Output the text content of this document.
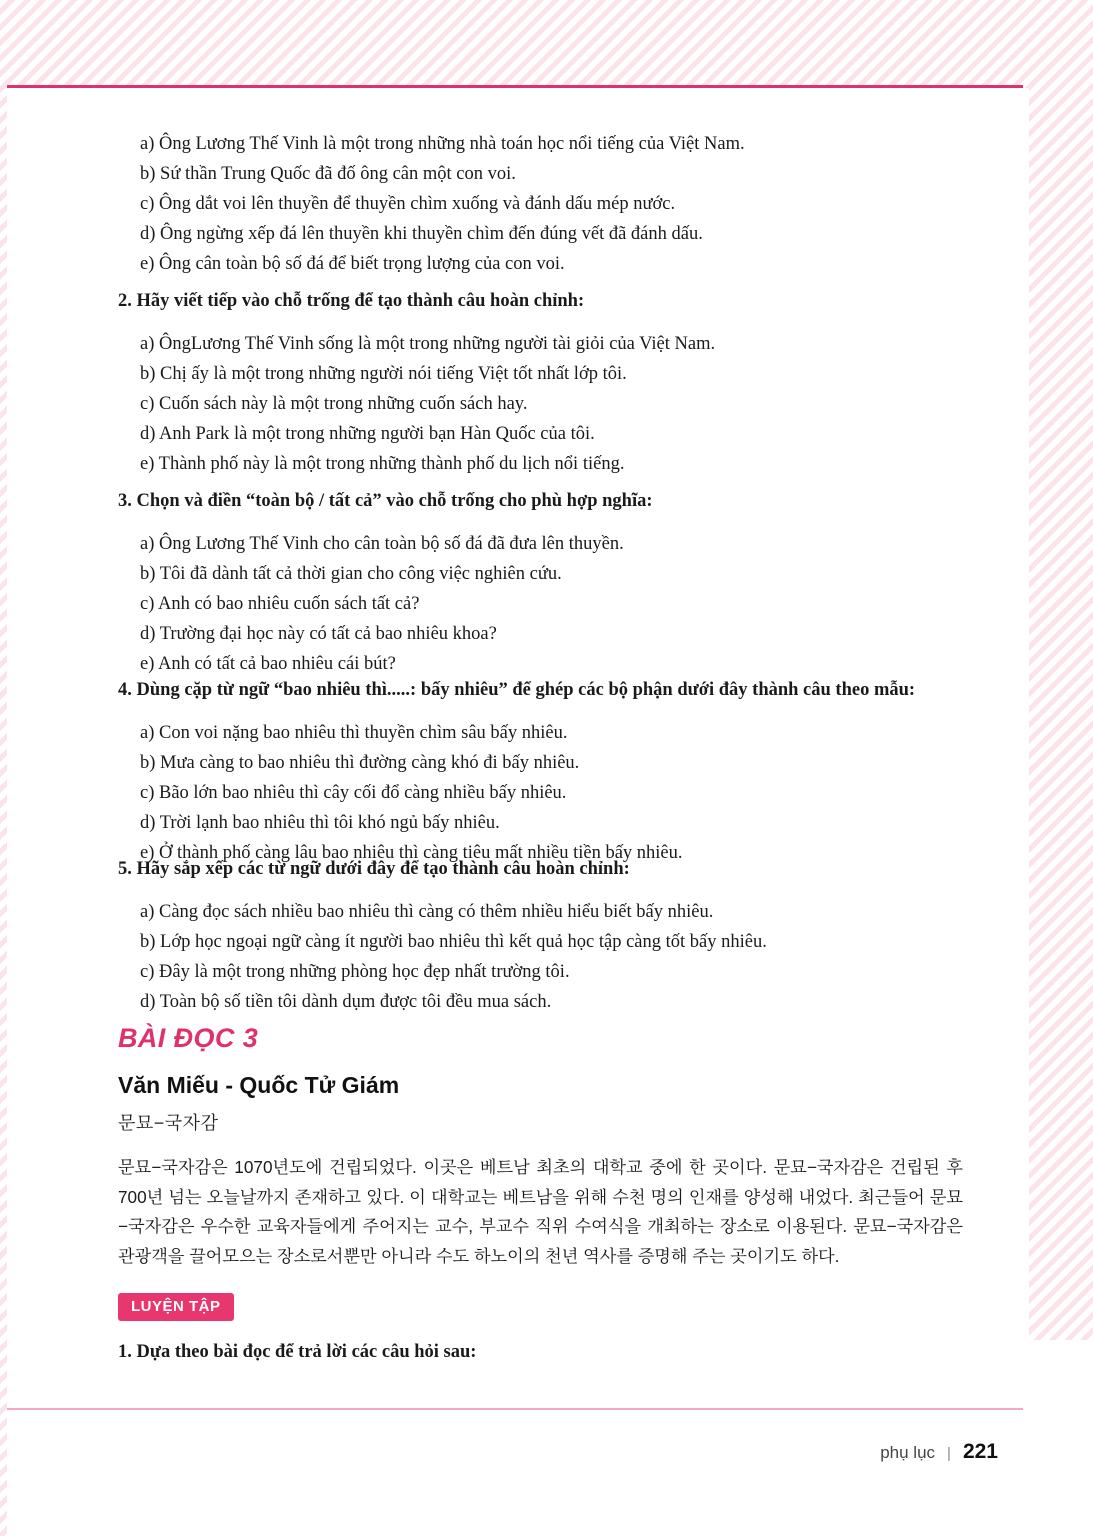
a) Ông Lương Thế Vinh là một trong những nhà toán học nổi tiếng của Việt Nam.
b) Sứ thần Trung Quốc đã đố ông cân một con voi.
c) Ông dắt voi lên thuyền để thuyền chìm xuống và đánh dấu mép nước.
d) Ông ngừng xếp đá lên thuyền khi thuyền chìm đến đúng vết đã đánh dấu.
e) Ông cân toàn bộ số đá để biết trọng lượng của con voi.
2. Hãy viết tiếp vào chỗ trống để tạo thành câu hoàn chỉnh:
a) ÔngLương Thế Vinh sống là một trong những người tài giỏi của Việt Nam.
b) Chị ấy là một trong những người nói tiếng Việt tốt nhất lớp tôi.
c) Cuốn sách này là một trong những cuốn sách hay.
d) Anh Park là một trong những người bạn Hàn Quốc của tôi.
e) Thành phố này là một trong những thành phố du lịch nổi tiếng.
3. Chọn và điền “toàn bộ / tất cả” vào chỗ trống cho phù hợp nghĩa:
a) Ông Lương Thế Vinh cho cân toàn bộ số đá đã đưa lên thuyền.
b) Tôi đã dành tất cả thời gian cho công việc nghiên cứu.
c) Anh có bao nhiêu cuốn sách tất cả?
d) Trường đại học này có tất cả bao nhiêu khoa?
e) Anh có tất cả bao nhiêu cái bút?
4. Dùng cặp từ ngữ “bao nhiêu thì.....: bấy nhiêu” để ghép các bộ phận dưới đây thành câu theo mẫu:
a) Con voi nặng bao nhiêu thì thuyền chìm sâu bấy nhiêu.
b) Mưa càng to bao nhiêu thì đường càng khó đi bấy nhiêu.
c) Bão lớn bao nhiêu thì cây cối đổ càng nhiều bấy nhiêu.
d) Trời lạnh bao nhiêu thì tôi khó ngủ bấy nhiêu.
e) Ở thành phố càng lâu bao nhiêu thì càng tiêu mất nhiều tiền bấy nhiêu.
5. Hãy sắp xếp các từ ngữ dưới đây để tạo thành câu hoàn chỉnh:
a) Càng đọc sách nhiều bao nhiêu thì càng có thêm nhiều hiểu biết bấy nhiêu.
b) Lớp học ngoại ngữ càng ít người bao nhiêu thì kết quả học tập càng tốt bấy nhiêu.
c) Đây là một trong những phòng học đẹp nhất trường tôi.
d) Toàn bộ số tiền tôi dành dụm được tôi đều mua sách.
BÀI ĐỌC 3
Văn Miếu - Quốc Tử Giám
문묘−국자감
문묘−국자감은 1070년도에 건립되었다. 이곳은 베트남 최초의 대학교 중에 한 곳이다. 문묘−국자감은 건립된 후 700년 넘는 오늘날까지 존재하고 있다. 이 대학교는 베트남을 위해 수천 명의 인재를 양성해 내었다. 최근들어 문묘−국자감은 우수한 교육자들에게 주어지는 교수, 부교수 직위 수여식을 개최하는 장소로 이용된다. 문묘−국자감은 관광객을 끌어모으는 장소로서뿐만 아니라 수도 하노이의 천년 역사를 증명해 주는 곳이기도 하다.
LUYỆN TẬP
1. Dựa theo bài đọc để trả lời các câu hỏi sau:
phụ lục | 221
